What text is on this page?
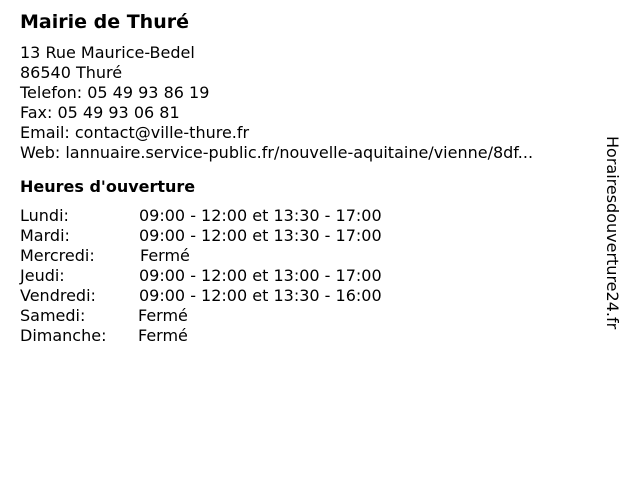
Mairie de Thuré
13 Rue Maurice-Bedel
86540 Thuré
Telefon: 05 49 93 86 19
Fax: 05 49 93 06 81
Email: contact@ville-thure.fr
Web: lannuaire.service-public.fr/nouvelle-aquitaine/vienne/8df...
Heures d'ouverture
Lundi:	09:00 - 12:00 et 13:30 - 17:00
Mardi:	09:00 - 12:00 et 13:30 - 17:00
Mercredi:	Fermé
Jeudi:	09:00 - 12:00 et 13:00 - 17:00
Vendredi:	09:00 - 12:00 et 13:30 - 16:00
Samedi:	Fermé
Dimanche:	Fermé
Horairesdouverture24.fr
